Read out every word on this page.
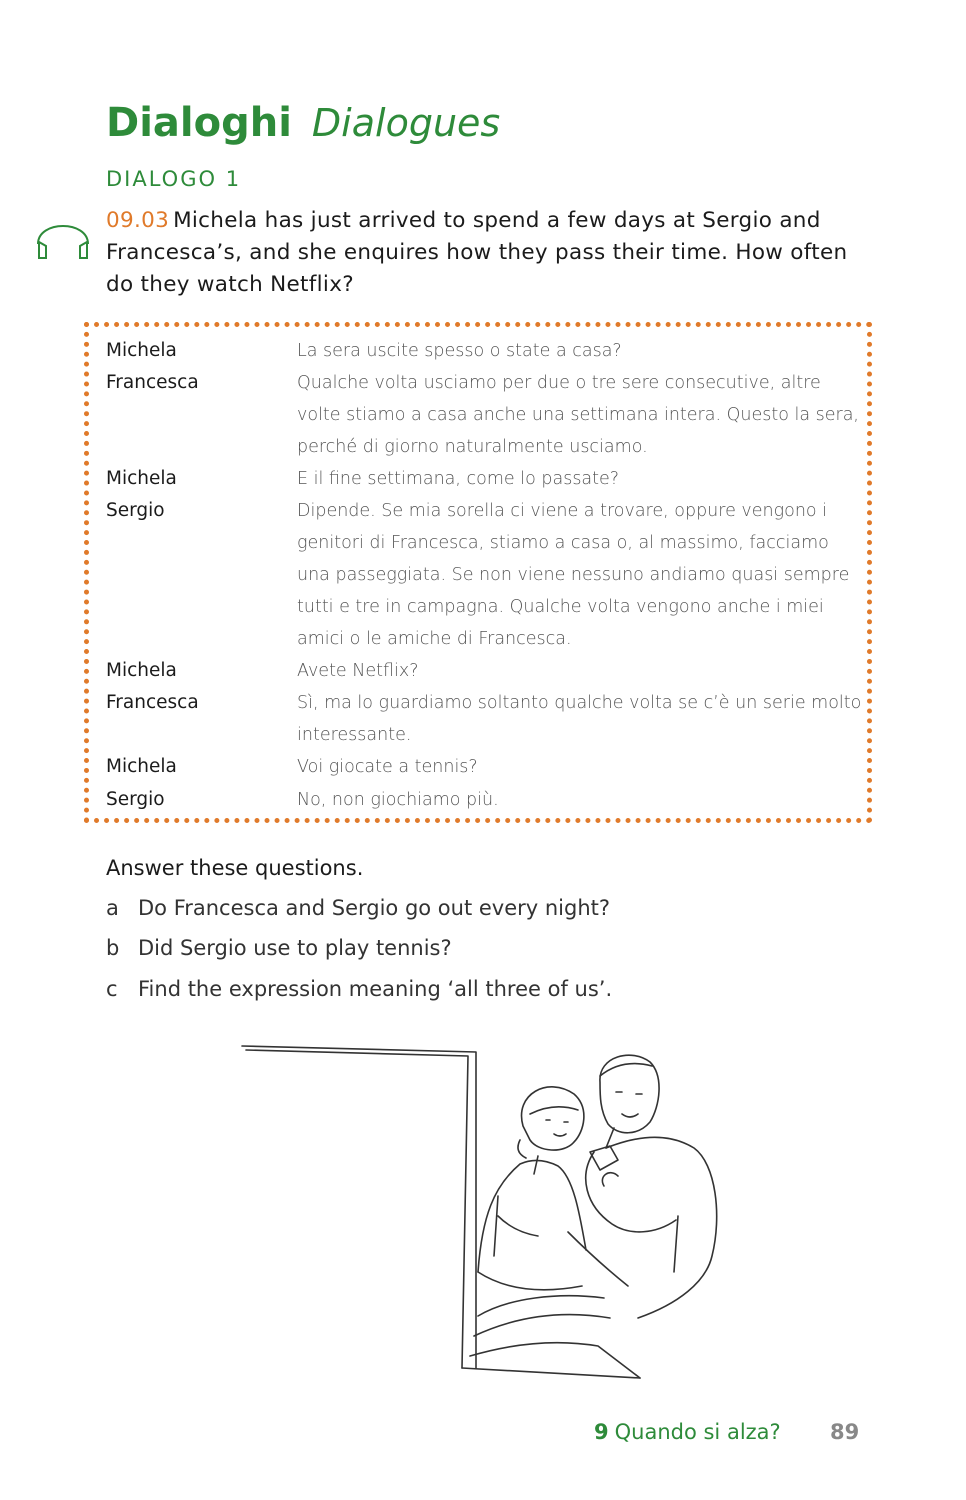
Dialoghi Dialogues
DIALOGO 1
09.03 Michela has just arrived to spend a few days at Sergio and Francesca’s, and she enquires how they pass their time. How often do they watch Netflix?
Michela	La sera uscite spesso o state a casa?
Francesca	Qualche volta usciamo per due o tre sere consecutive, altre volte stiamo a casa anche una settimana intera. Questo la sera, perché di giorno naturalmente usciamo.
Michela	E il fine settimana, come lo passate?
Sergio	Dipende. Se mia sorella ci viene a trovare, oppure vengono i genitori di Francesca, stiamo a casa o, al massimo, facciamo una passeggiata. Se non viene nessuno andiamo quasi sempre tutti e tre in campagna. Qualche volta vengono anche i miei amici o le amiche di Francesca.
Michela	Avete Netflix?
Francesca	Sì, ma lo guardiamo soltanto qualche volta se c’è un serie molto interessante.
Michela	Voi giocate a tennis?
Sergio	No, non giochiamo più.
Answer these questions.
a Do Francesca and Sergio go out every night?
b Did Sergio use to play tennis?
c Find the expression meaning ‘all three of us’.
9 Quando si alza? 89
